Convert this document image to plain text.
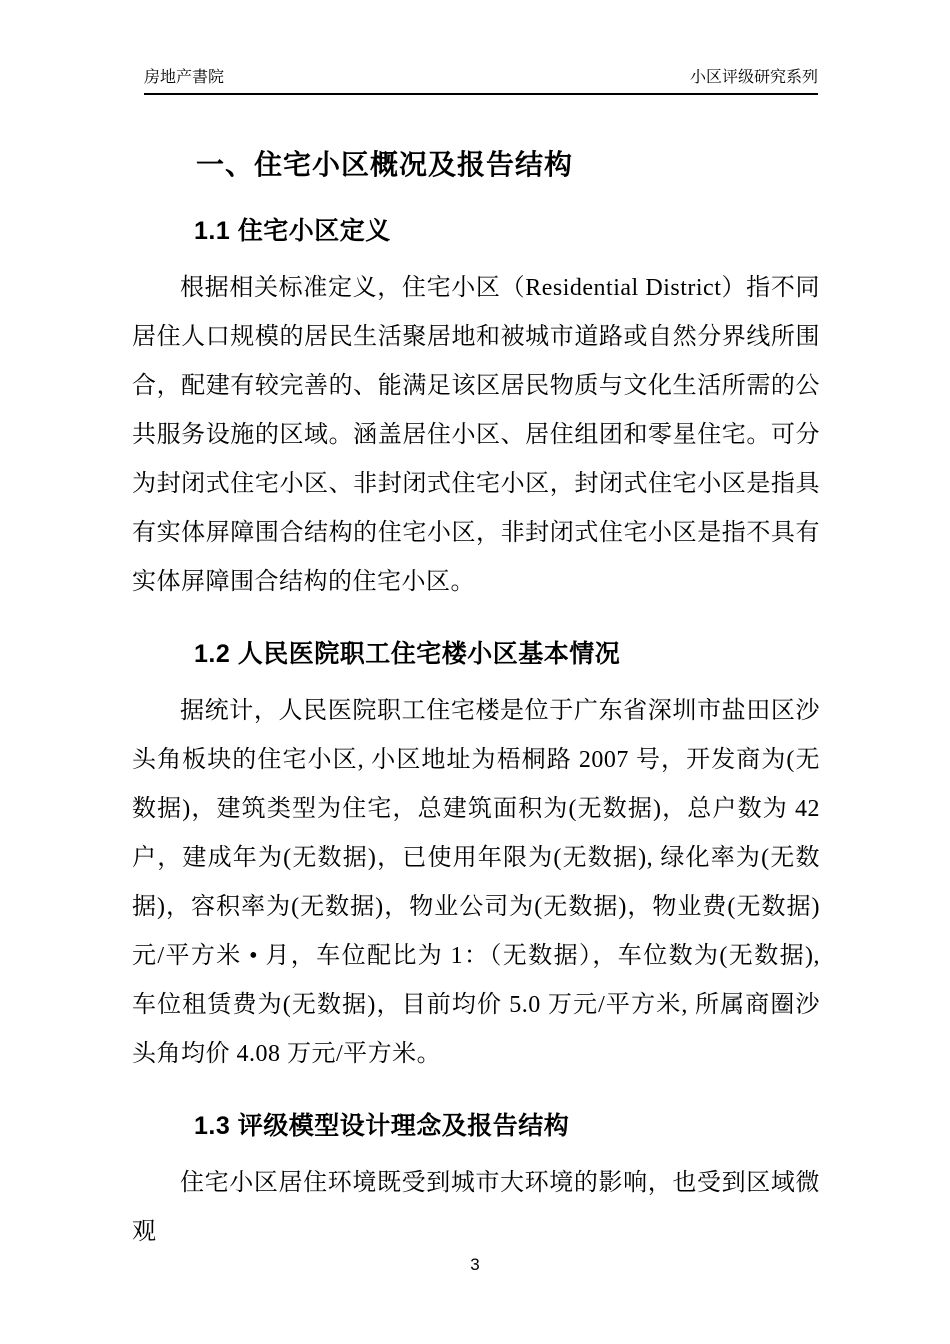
房地产書院	小区评级研究系列
一、住宅小区概况及报告结构
1.1 住宅小区定义

根据相关标准定义，住宅小区（Residential District）指不同居住人口规模的居民生活聚居地和被城市道路或自然分界线所围合，配建有较完善的、能满足该区居民物质与文化生活所需的公共服务设施的区域。涵盖居住小区、居住组团和零星住宅。可分为封闭式住宅小区、非封闭式住宅小区，封闭式住宅小区是指具有实体屏障围合结构的住宅小区，非封闭式住宅小区是指不具有实体屏障围合结构的住宅小区。

1.2 人民医院职工住宅楼小区基本情况

据统计，人民医院职工住宅楼是位于广东省深圳市盐田区沙头角板块的住宅小区, 小区地址为梧桐路 2007 号，开发商为(无数据)，建筑类型为住宅，总建筑面积为(无数据)，总户数为 42 户，建成年为(无数据)，已使用年限为(无数据), 绿化率为(无数据)，容积率为(无数据)，物业公司为(无数据)，物业费(无数据)元/平方米 • 月，车位配比为 1：（无数据），车位数为(无数据), 车位租赁费为(无数据)，目前均价 5.0 万元/平方米, 所属商圈沙头角均价 4.08 万元/平方米。

1.3 评级模型设计理念及报告结构

住宅小区居住环境既受到城市大环境的影响，也受到区域微观

3
